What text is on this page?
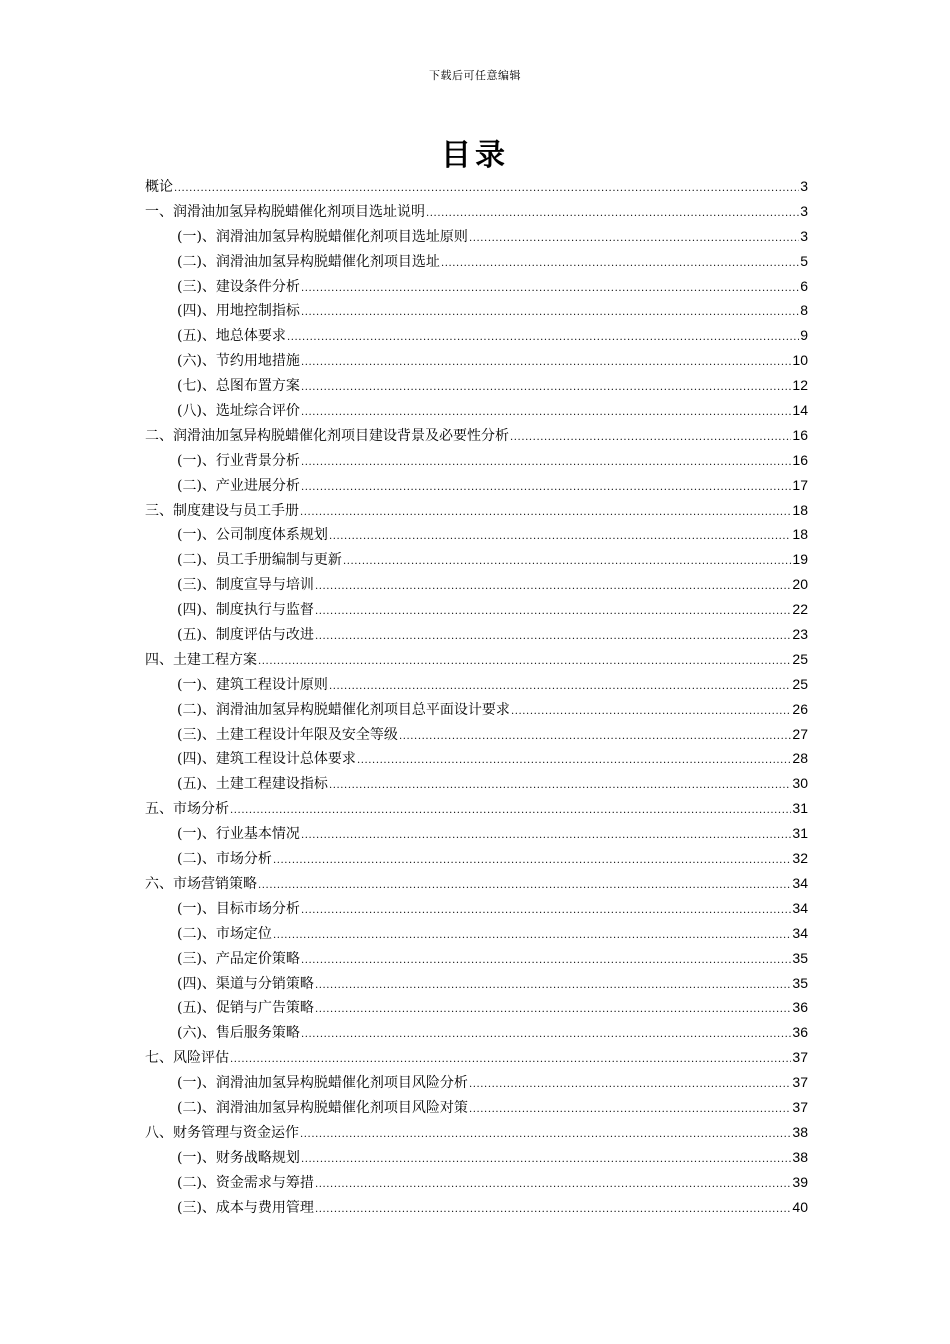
下载后可任意编辑
目录
概论 .....	3
一、润滑油加氢异构脱蜡催化剂项目选址说明 .....	3
(一)、润滑油加氢异构脱蜡催化剂项目选址原则 .....	3
(二)、润滑油加氢异构脱蜡催化剂项目选址 .....	5
(三)、建设条件分析 .....	6
(四)、用地控制指标 .....	8
(五)、地总体要求 .....	9
(六)、节约用地措施 .....	10
(七)、总图布置方案 .....	12
(八)、选址综合评价 .....	14
二、润滑油加氢异构脱蜡催化剂项目建设背景及必要性分析 .....	16
(一)、行业背景分析 .....	16
(二)、产业进展分析 .....	17
三、制度建设与员工手册 .....	18
(一)、公司制度体系规划 .....	18
(二)、员工手册编制与更新 .....	19
(三)、制度宣导与培训 .....	20
(四)、制度执行与监督 .....	22
(五)、制度评估与改进 .....	23
四、土建工程方案 .....	25
(一)、建筑工程设计原则 .....	25
(二)、润滑油加氢异构脱蜡催化剂项目总平面设计要求 .....	26
(三)、土建工程设计年限及安全等级 .....	27
(四)、建筑工程设计总体要求 .....	28
(五)、土建工程建设指标 .....	30
五、市场分析 .....	31
(一)、行业基本情况 .....	31
(二)、市场分析 .....	32
六、市场营销策略 .....	34
(一)、目标市场分析 .....	34
(二)、市场定位 .....	34
(三)、产品定价策略 .....	35
(四)、渠道与分销策略 .....	35
(五)、促销与广告策略 .....	36
(六)、售后服务策略 .....	36
七、风险评估 .....	37
(一)、润滑油加氢异构脱蜡催化剂项目风险分析 .....	37
(二)、润滑油加氢异构脱蜡催化剂项目风险对策 .....	37
八、财务管理与资金运作 .....	38
(一)、财务战略规划 .....	38
(二)、资金需求与筹措 .....	39
(三)、成本与费用管理 .....	40
